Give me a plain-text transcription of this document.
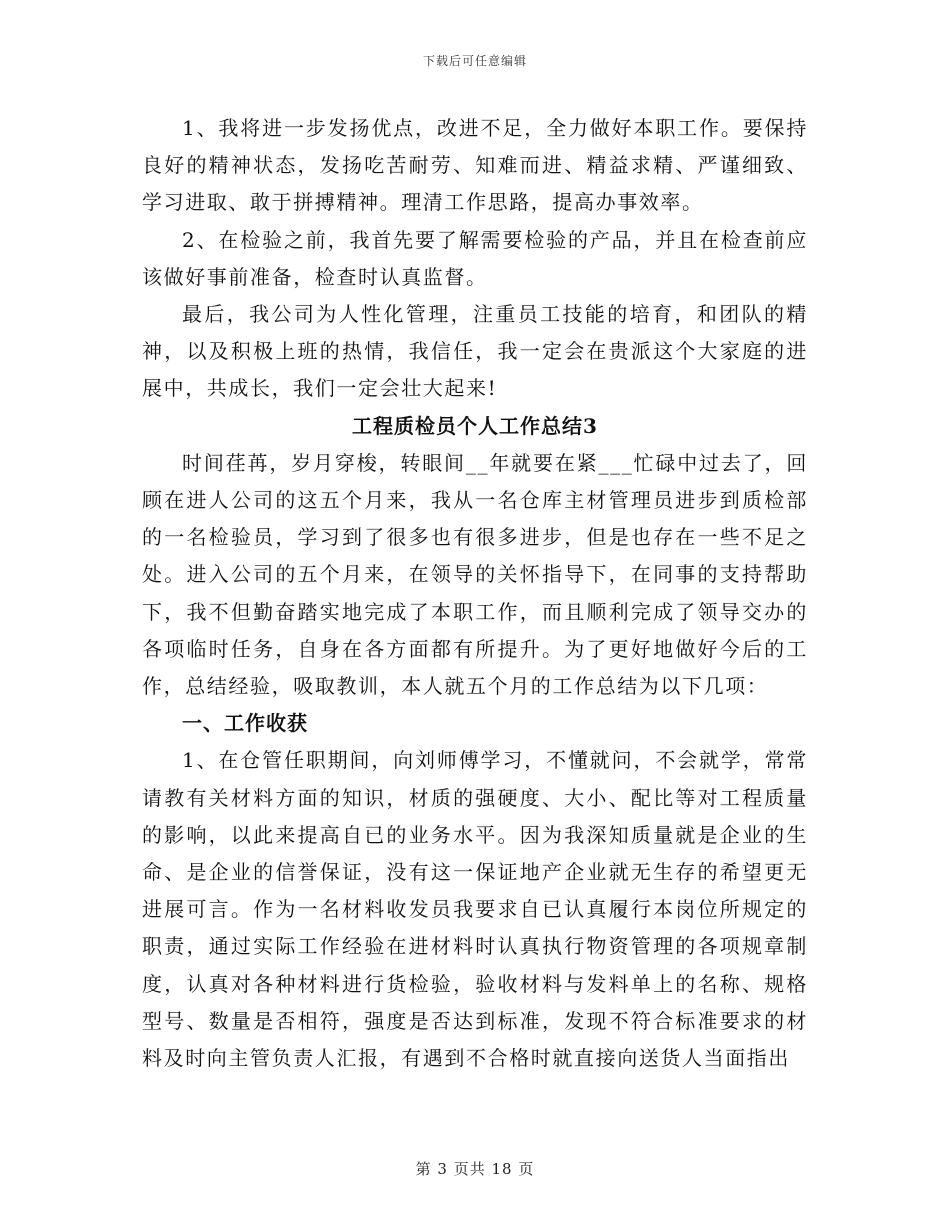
下载后可任意编辑

1、我将进一步发扬优点，改进不足，全力做好本职工作。要保持良好的精神状态，发扬吃苦耐劳、知难而进、精益求精、严谨细致、学习进取、敢于拼搏精神。理清工作思路，提高办事效率。

2、在检验之前，我首先要了解需要检验的产品，并且在检查前应该做好事前准备，检查时认真监督。

最后，我公司为人性化管理，注重员工技能的培育，和团队的精神，以及积极上班的热情，我信任，我一定会在贵派这个大家庭的进展中，共成长，我们一定会壮大起来!

工程质检员个人工作总结3

时间荏苒，岁月穿梭，转眼间__年就要在紧___忙碌中过去了，回顾在进人公司的这五个月来，我从一名仓库主材管理员进步到质检部的一名检验员，学习到了很多也有很多进步，但是也存在一些不足之处。进入公司的五个月来，在领导的关怀指导下，在同事的支持帮助下，我不但勤奋踏实地完成了本职工作，而且顺利完成了领导交办的各项临时任务，自身在各方面都有所提升。为了更好地做好今后的工作，总结经验，吸取教训，本人就五个月的工作总结为以下几项：

一、工作收获

1、在仓管任职期间，向刘师傅学习，不懂就问，不会就学，常常请教有关材料方面的知识，材质的强硬度、大小、配比等对工程质量的影响，以此来提高自已的业务水平。因为我深知质量就是企业的生命、是企业的信誉保证，没有这一保证地产企业就无生存的希望更无进展可言。作为一名材料收发员我要求自已认真履行本岗位所规定的职责，通过实际工作经验在进材料时认真执行物资管理的各项规章制度，认真对各种材料进行货检验，验收材料与发料单上的名称、规格型号、数量是否相符，强度是否达到标准，发现不符合标准要求的材料及时向主管负责人汇报，有遇到不合格时就直接向送货人当面指出

第 3 页共 18 页
